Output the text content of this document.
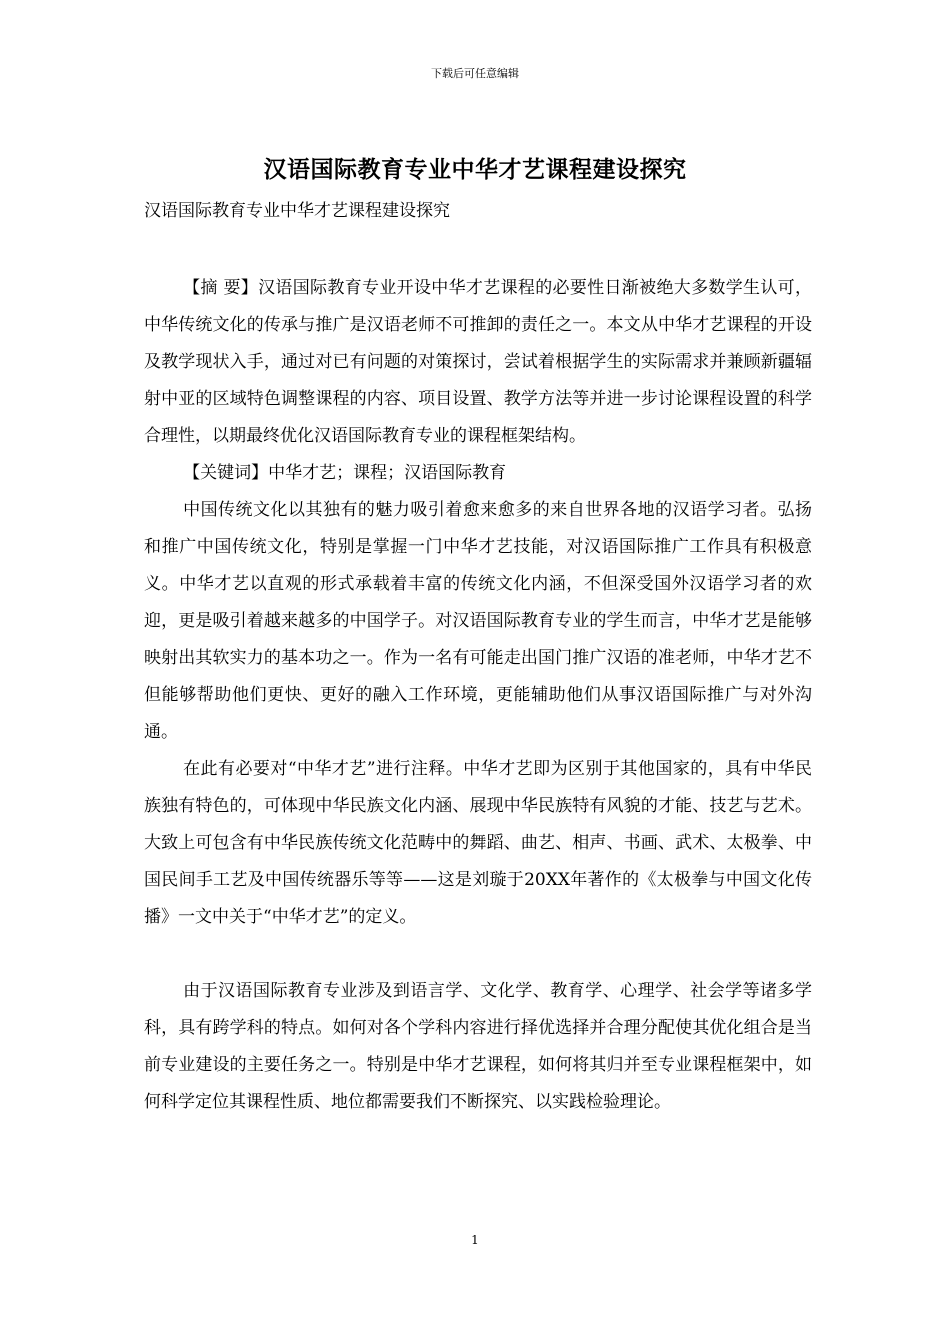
下载后可任意编辑
汉语国际教育专业中华才艺课程建设探究
汉语国际教育专业中华才艺课程建设探究

【摘 要】汉语国际教育专业开设中华才艺课程的必要性日渐被绝大多数学生认可，中华传统文化的传承与推广是汉语老师不可推卸的责任之一。本文从中华才艺课程的开设及教学现状入手，通过对已有问题的对策探讨，尝试着根据学生的实际需求并兼顾新疆辐射中亚的区域特色调整课程的内容、项目设置、教学方法等并进一步讨论课程设置的科学合理性，以期最终优化汉语国际教育专业的课程框架结构。

【关键词】中华才艺；课程；汉语国际教育

中国传统文化以其独有的魅力吸引着愈来愈多的来自世界各地的汉语学习者。弘扬和推广中国传统文化，特别是掌握一门中华才艺技能，对汉语国际推广工作具有积极意义。中华才艺以直观的形式承载着丰富的传统文化内涵，不但深受国外汉语学习者的欢迎，更是吸引着越来越多的中国学子。对汉语国际教育专业的学生而言，中华才艺是能够映射出其软实力的基本功之一。作为一名有可能走出国门推广汉语的准老师，中华才艺不但能够帮助他们更快、更好的融入工作环境，更能辅助他们从事汉语国际推广与对外沟通。

在此有必要对“中华才艺”进行注释。中华才艺即为区别于其他国家的，具有中华民族独有特色的，可体现中华民族文化内涵、展现中华民族特有风貌的才能、技艺与艺术。大致上可包含有中华民族传统文化范畴中的舞蹈、曲艺、相声、书画、武术、太极拳、中国民间手工艺及中国传统器乐等等——这是刘璇于20XX年著作的《太极拳与中国文化传播》一文中关于“中华才艺”的定义。

由于汉语国际教育专业涉及到语言学、文化学、教育学、心理学、社会学等诸多学科，具有跨学科的特点。如何对各个学科内容进行择优选择并合理分配使其优化组合是当前专业建设的主要任务之一。特别是中华才艺课程，如何将其归并至专业课程框架中，如何科学定位其课程性质、地位都需要我们不断探究、以实践检验理论。

1
